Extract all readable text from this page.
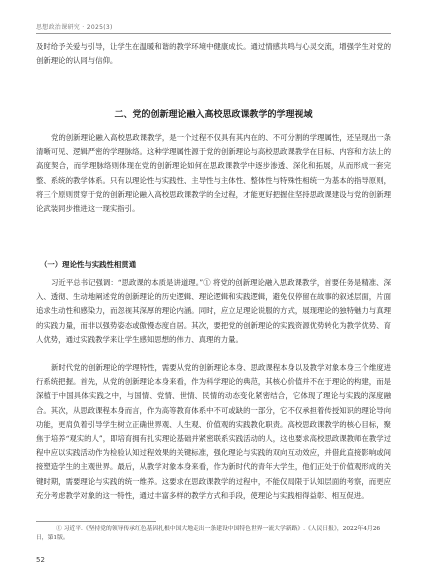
思想政治课研究 · 2025(3)

及时给予关爱与引导，让学生在温暖和谐的教学环境中健康成长。通过情感共鸣与心灵交流，增强学生对党的创新理论的认同与信仰。

二、党的创新理论融入高校思政课教学的学理视域

党的创新理论融入高校思政课教学，是一个过程不仅具有其内在的、不可分割的学理属性，还呈现出一条清晰可见、逻辑严密的学理脉络。这种学理属性源于党的创新理论与高校思政课教学在目标、内容和方法上的高度契合，而学理脉络则体现在党的创新理论如何在思政课教学中逐步渗透、深化和拓展，从而形成一套完整、系统的教学体系。只有以理论性与实践性、主导性与主体性、整体性与特殊性相统一为基本的指导原则，将三个原则贯穿于党的创新理论融入高校思政课教学的全过程，才能更好把握住坚持思政课建设与党的创新理论武装同步推进这一现实指引。

（一）理论性与实践性相贯通

习近平总书记强调：“思政课的本质是讲道理。”① 将党的创新理论融入思政课教学，首要任务是精准、深入、透彻、生动地阐述党的创新理论的历史逻辑、理论逻辑和实践逻辑，避免仅停留在故事的叙述层面，片面追求生动性和感染力，而忽视其深厚的理论内涵。同时，应立足理论说服的方式，展现理论的独特魅力与真理的实践力量，而非以强势姿态或傲慢态度自居。其次，要把党的创新理论的实践资源优势转化为教学优势、育人优势，通过实践教学来让学生感知思想的伟力、真理的力量。

新时代党的创新理论的学理特性，需要从党的创新理论本身、思政课程本身以及教学对象本身三个维度进行系统把握。首先，从党的创新理论本身来看，作为科学理论的典范，其核心价值并不在于理论的构建，而是深植于中国具体实践之中，与国情、党情、世情、民情的动态变化紧密结合，它体现了理论与实践的深度融合。其次，从思政课程本身而言，作为高等教育体系中不可或缺的一部分，它不仅承担着传授知识的理论导向功能，更肩负着引导学生树立正确世界观、人生观、价值观的实践教化职责。高校思政课教学的核心目标，聚焦于培养“观实的人”，即培育拥有扎实理论基础并紧密联系实践活动的人，这也要求高校思政课教师在教学过程中应以实践活动作为检验认知过程效果的关键标准，强化理论与实践的双向互动效应，并借此直接影响或间接塑造学生的主观世界。最后，从教学对象本身来看，作为新时代的青年大学生，他们正处于价值观形成的关键时期，需要理论与实践的统一维养。这要求在思政课教学的过程中，不能仅局限于认知层面的考察，而更应充分考虑教学对象的这一特性，通过丰富多样的教学方式和手段，使理论与实践相得益彰、相互促进。

① 习近平.《坚持党的领导传承红色基因扎根中国大地走出一条建设中国特色世界一流大学新路》.《人民日报》，2022年4月26日，第1版。

52
